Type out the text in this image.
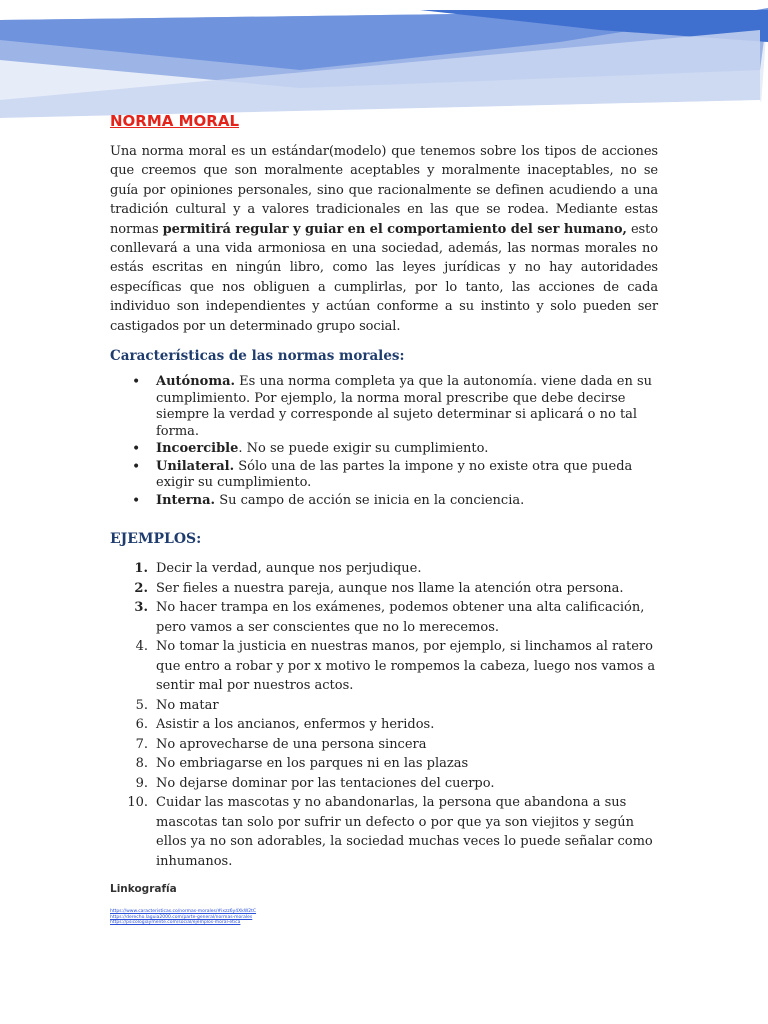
NORMA MORAL

Una norma moral es un estándar(modelo) que tenemos sobre los tipos de acciones que creemos que son moralmente aceptables y moralmente inaceptables, no se guía por opiniones personales, sino que racionalmente se definen acudiendo a una tradición cultural y a valores tradicionales en las que se rodea. Mediante estas normas permitirá regular y guiar en el comportamiento del ser humano, esto conllevará a una vida armoniosa en una sociedad, además, las normas morales no estás escritas en ningún libro, como las leyes jurídicas y no hay autoridades específicas que nos obliguen a cumplirlas, por lo tanto, las acciones de cada individuo son independientes y actúan conforme a su instinto y solo pueden ser castigados por un determinado grupo social.

Características de las normas morales:
• Autónoma. Es una norma completa ya que la autonomía. viene dada en su cumplimiento. Por ejemplo, la norma moral prescribe que debe decirse siempre la verdad y corresponde al sujeto determinar si aplicará o no tal forma.
• Incoercible. No se puede exigir su cumplimiento.
• Unilateral. Sólo una de las partes la impone y no existe otra que pueda exigir su cumplimiento.
• Interna. Su campo de acción se inicia en la conciencia.
EJEMPLOS:
1. Decir la verdad, aunque nos perjudique.
2. Ser fieles a nuestra pareja, aunque nos llame la atención otra persona.
3. No hacer trampa en los exámenes, podemos obtener una alta calificación, pero vamos a ser conscientes que no lo merecemos.
4. No tomar la justicia en nuestras manos, por ejemplo, si linchamos al ratero que entro a robar y por x motivo le rompemos la cabeza, luego nos vamos a sentir mal por nuestros actos.
5. No matar
6. Asistir a los ancianos, enfermos y heridos.
7. No aprovecharse de una persona sincera
8. No embriagarse en los parques ni en las plazas
9. No dejarse dominar por las tentaciones del cuerpo.
10. Cuidar las mascotas y no abandonarlas, la persona que abandona a sus mascotas tan solo por sufrir un defecto o por que ya son viejitos y según ellos ya no son adorables, la sociedad muchas veces lo puede señalar como inhumanos.
Linkografía
https://www.caracteristicas.co/normas-morales/#ixzz6y4XkW2tC
https://derecho.laguia2000.com/parte-general/normas-morales
https://psicologiaymente.com/social/ejemplos-moral-etica
